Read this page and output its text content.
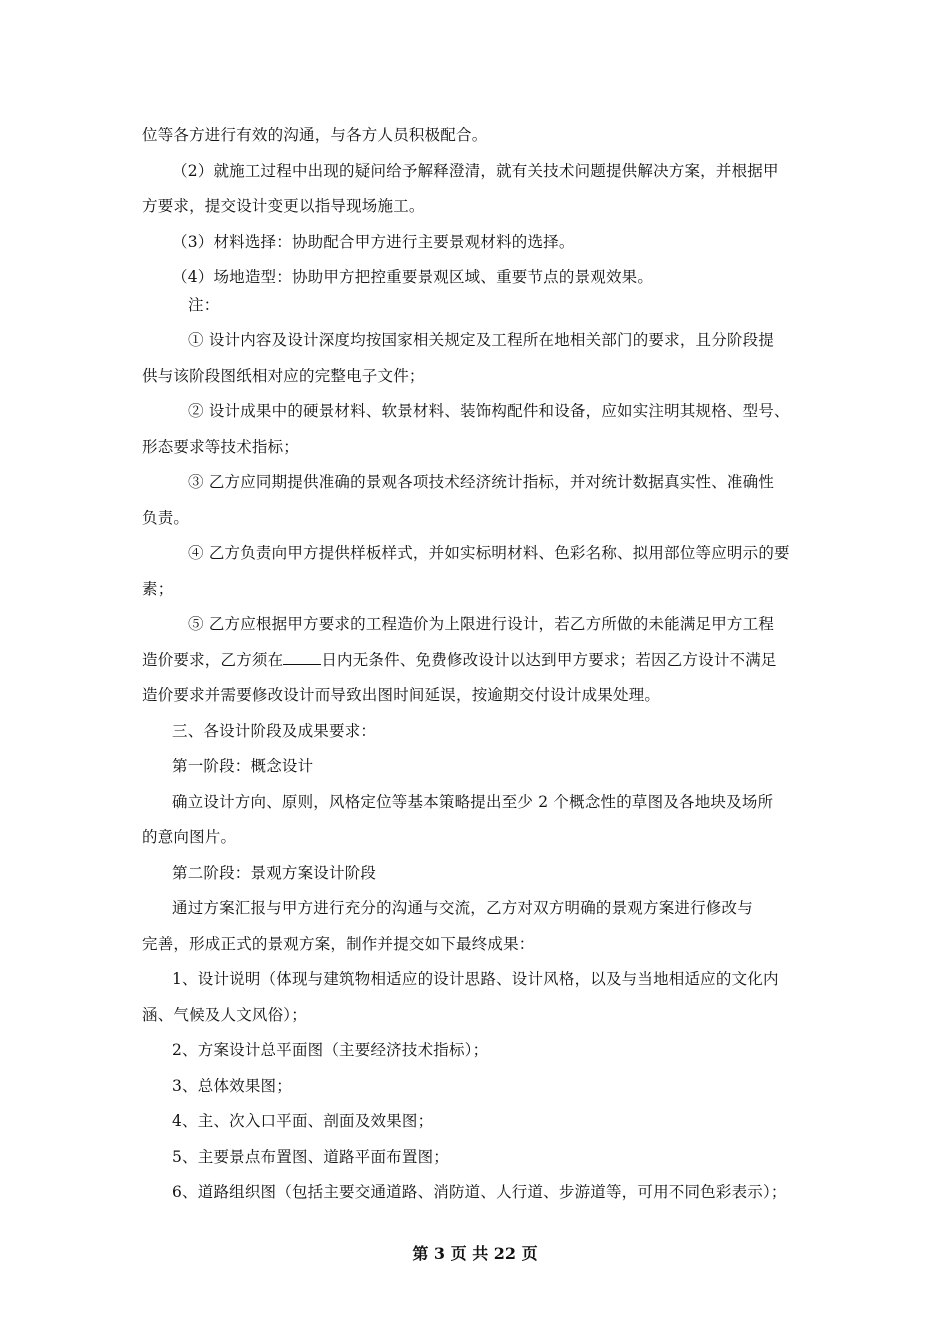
位等各方进行有效的沟通，与各方人员积极配合。
（2）就施工过程中出现的疑问给予解释澄清，就有关技术问题提供解决方案，并根据甲
方要求，提交设计变更以指导现场施工。
（3）材料选择：协助配合甲方进行主要景观材料的选择。
（4）场地造型：协助甲方把控重要景观区域、重要节点的景观效果。
注：
① 设计内容及设计深度均按国家相关规定及工程所在地相关部门的要求，且分阶段提
供与该阶段图纸相对应的完整电子文件；
② 设计成果中的硬景材料、软景材料、装饰构配件和设备，应如实注明其规格、型号、
形态要求等技术指标；
③ 乙方应同期提供准确的景观各项技术经济统计指标，并对统计数据真实性、准确性
负责。
④ 乙方负责向甲方提供样板样式，并如实标明材料、色彩名称、拟用部位等应明示的要
素；
⑤ 乙方应根据甲方要求的工程造价为上限进行设计，若乙方所做的未能满足甲方工程
造价要求，乙方须在 日内无条件、免费修改设计以达到甲方要求；若因乙方设计不满足
造价要求并需要修改设计而导致出图时间延误，按逾期交付设计成果处理。
三、各设计阶段及成果要求：
第一阶段：概念设计
确立设计方向、原则，风格定位等基本策略提出至少 2 个概念性的草图及各地块及场所
的意向图片。
第二阶段：景观方案设计阶段
通过方案汇报与甲方进行充分的沟通与交流，乙方对双方明确的景观方案进行修改与
完善，形成正式的景观方案，制作并提交如下最终成果：
1、设计说明（体现与建筑物相适应的设计思路、设计风格，以及与当地相适应的文化内
涵、气候及人文风俗）；
2、方案设计总平面图（主要经济技术指标）；
3、总体效果图；
4、主、次入口平面、剖面及效果图；
5、主要景点布置图、道路平面布置图；
6、道路组织图（包括主要交通道路、消防道、人行道、步游道等，可用不同色彩表示）；
第 3 页 共 22 页
